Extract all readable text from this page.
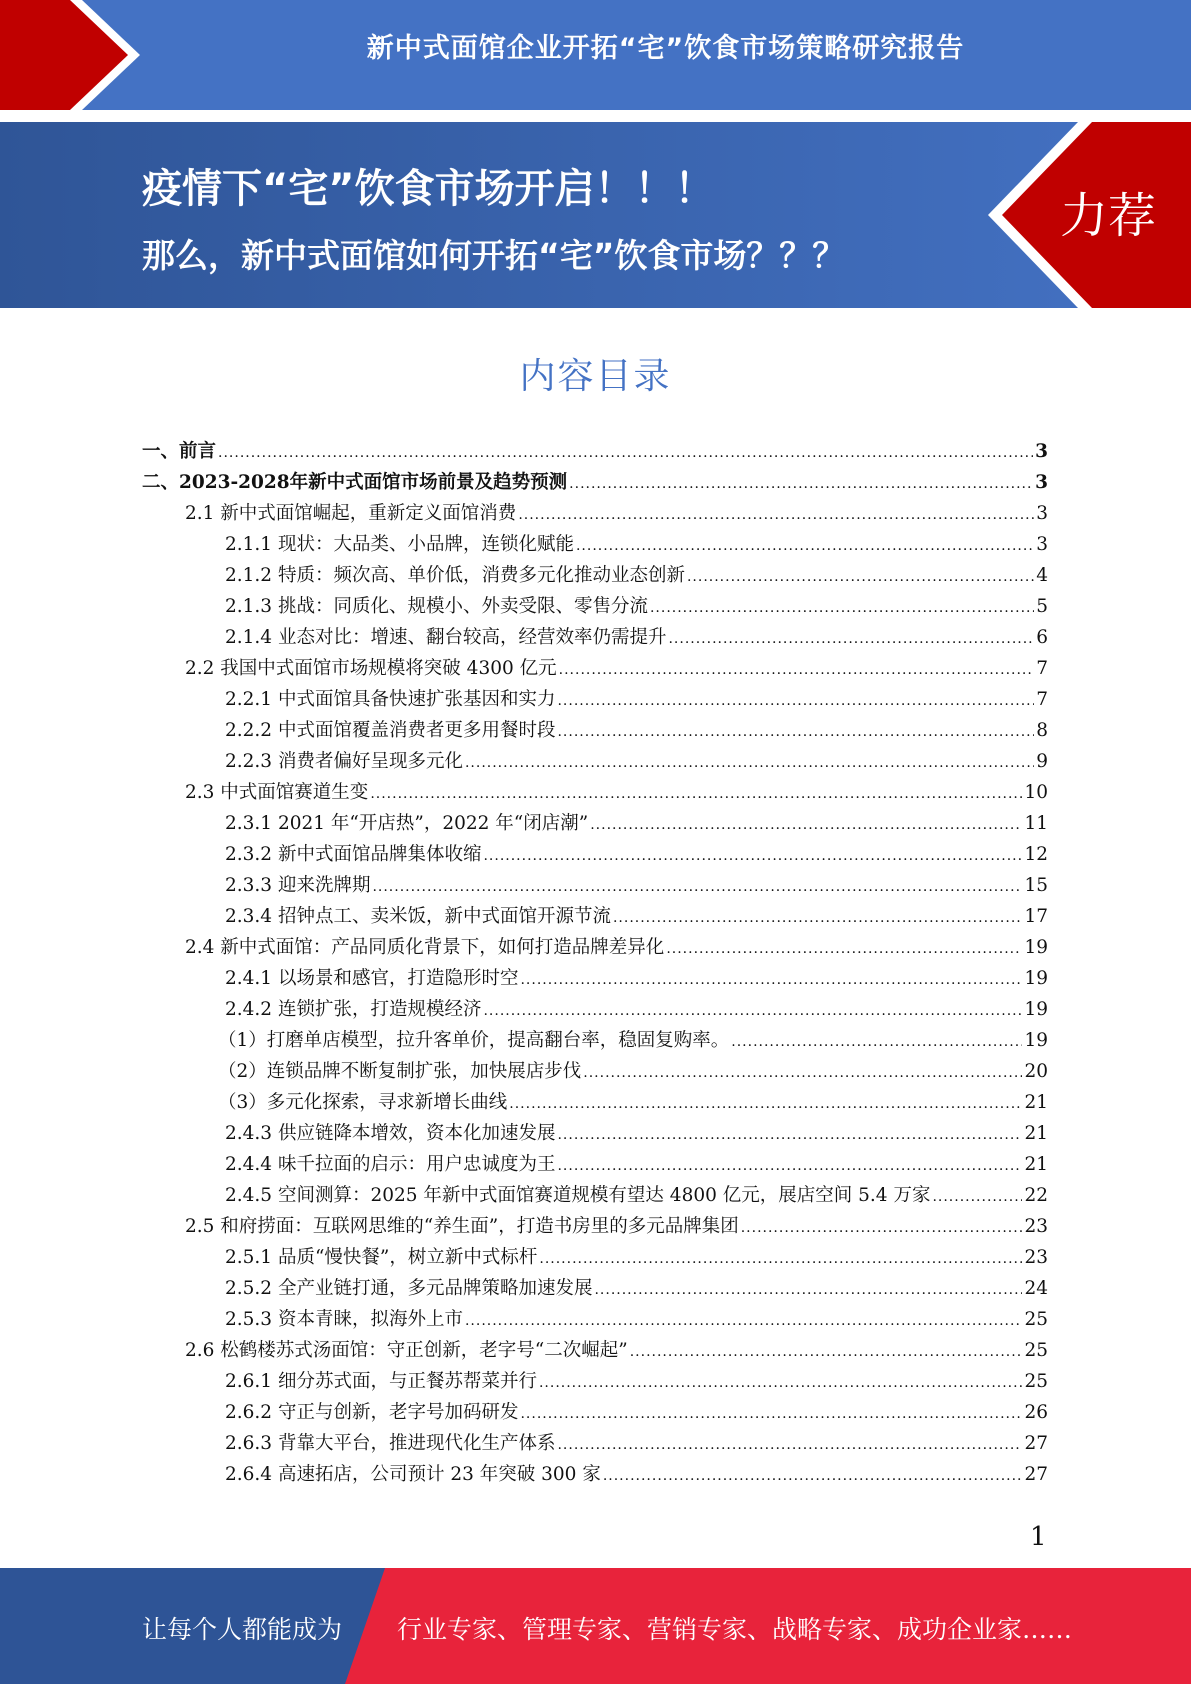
新中式面馆企业开拓“宅”饮食市场策略研究报告
疫情下“宅”饮食市场开启！！！
那么，新中式面馆如何开拓“宅”饮食市场？？？
力荐
内容目录
一、前言 .....	3
二、2023-2028年新中式面馆市场前景及趋势预测 .....	3
2.1 新中式面馆崛起，重新定义面馆消费 .....	3
2.1.1 现状：大品类、小品牌，连锁化赋能 .....	3
2.1.2 特质：频次高、单价低，消费多元化推动业态创新 .....	4
2.1.3 挑战：同质化、规模小、外卖受限、零售分流 .....	5
2.1.4 业态对比：增速、翻台较高，经营效率仍需提升 .....	6
2.2 我国中式面馆市场规模将突破 4300 亿元 .....	7
2.2.1 中式面馆具备快速扩张基因和实力 .....	7
2.2.2 中式面馆覆盖消费者更多用餐时段 .....	8
2.2.3 消费者偏好呈现多元化 .....	9
2.3 中式面馆赛道生变 .....	10
2.3.1 2021 年“开店热”，2022 年“闭店潮” .....	11
2.3.2 新中式面馆品牌集体收缩 .....	12
2.3.3 迎来洗牌期 .....	15
2.3.4 招钟点工、卖米饭，新中式面馆开源节流 .....	17
2.4 新中式面馆：产品同质化背景下，如何打造品牌差异化 .....	19
2.4.1 以场景和感官，打造隐形时空 .....	19
2.4.2 连锁扩张，打造规模经济 .....	19
（1）打磨单店模型，拉升客单价，提高翻台率，稳固复购率。 .....	19
（2）连锁品牌不断复制扩张，加快展店步伐 .....	20
（3）多元化探索，寻求新增长曲线 .....	21
2.4.3 供应链降本增效，资本化加速发展 .....	21
2.4.4 味千拉面的启示：用户忠诚度为王 .....	21
2.4.5 空间测算：2025 年新中式面馆赛道规模有望达 4800 亿元，展店空间 5.4 万家 .....	22
2.5 和府捞面：互联网思维的“养生面”，打造书房里的多元品牌集团 .....	23
2.5.1 品质“慢快餐”，树立新中式标杆 .....	23
2.5.2 全产业链打通，多元品牌策略加速发展 .....	24
2.5.3 资本青睐，拟海外上市 .....	25
2.6 松鹤楼苏式汤面馆：守正创新，老字号“二次崛起” .....	25
2.6.1 细分苏式面，与正餐苏帮菜并行 .....	25
2.6.2 守正与创新，老字号加码研发 .....	26
2.6.3 背靠大平台，推进现代化生产体系 .....	27
2.6.4 高速拓店，公司预计 23 年突破 300 家 .....	27
1
让每个人都能成为 行业专家、管理专家、营销专家、战略专家、成功企业家……
